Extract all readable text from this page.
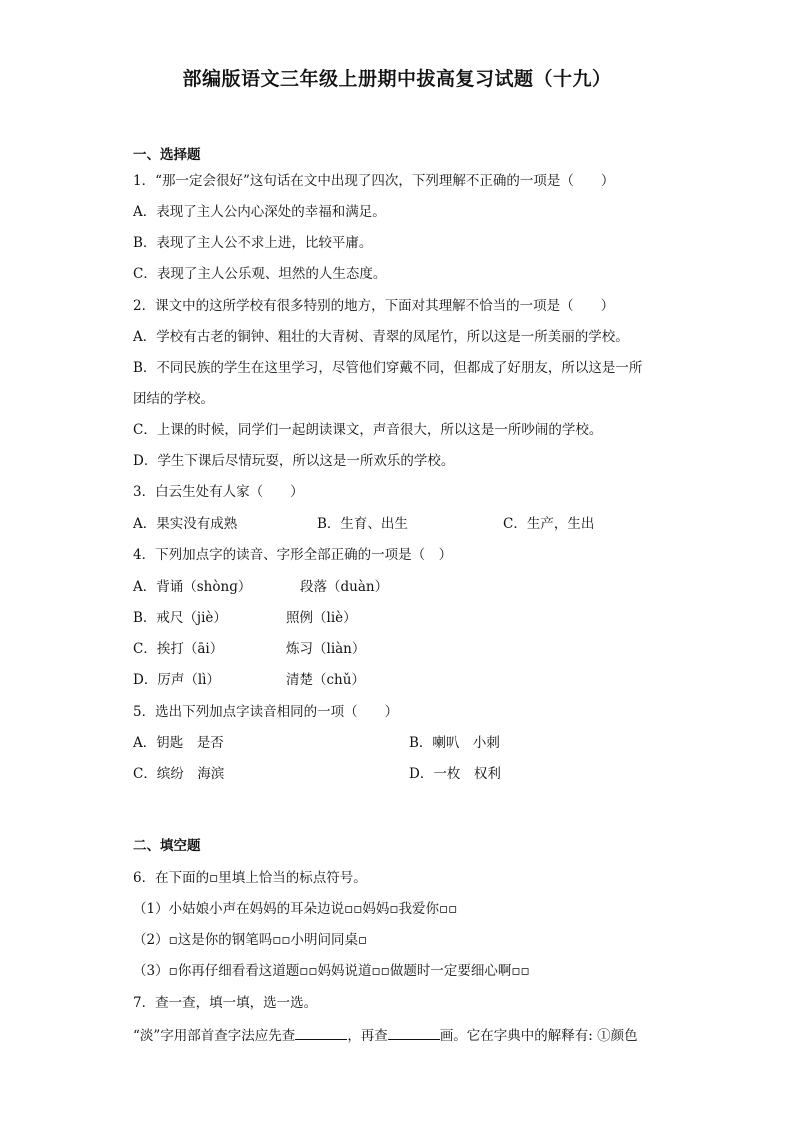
部编版语文三年级上册期中拔高复习试题（十九）
一、选择题
1．“那一定会很好”这句话在文中出现了四次，下列理解不正确的一项是（　　）
A．表现了主人公内心深处的幸福和满足。
B．表现了主人公不求上进，比较平庸。
C．表现了主人公乐观、坦然的人生态度。
2．课文中的这所学校有很多特别的地方，下面对其理解不恰当的一项是（　　）
A．学校有古老的铜钟、粗壮的大青树、青翠的凤尾竹，所以这是一所美丽的学校。
B．不同民族的学生在这里学习，尽管他们穿戴不同，但都成了好朋友，所以这是一所
团结的学校。
C．上课的时候，同学们一起朗读课文，声音很大，所以这是一所吵闹的学校。
D．学生下课后尽情玩耍，所以这是一所欢乐的学校。
3．白云生处有人家（　　）
A．果实没有成熟	B．生育、出生	C．生产，生出
4．下列加点字的读音、字形全部正确的一项是（　）
A．背诵（shònɡ）	段落（duàn）
B．戒尺（jiè）	照例（liè）
C．挨打（āi）	炼习（liàn）
D．厉声（lì）	清楚（chǔ）
5．选出下列加点字读音相同的一项（　　）
A．钥匙　是否	B．喇叭　小刺
C．缤纷　海滨	D．一枚　权利
二、填空题
6．在下面的▫里填上恰当的标点符号。
（1）小姑娘小声在妈妈的耳朵边说▫▫妈妈▫我爱你▫▫
（2）▫这是你的钢笔吗▫▫小明问同桌▫
（3）▫你再仔细看看这道题▫▫妈妈说道▫▫做题时一定要细心啊▫▫
7．查一查，填一填，选一选。
“淡”字用部首查字法应先查	，再查	画。它在字典中的解释有: ①颜色
